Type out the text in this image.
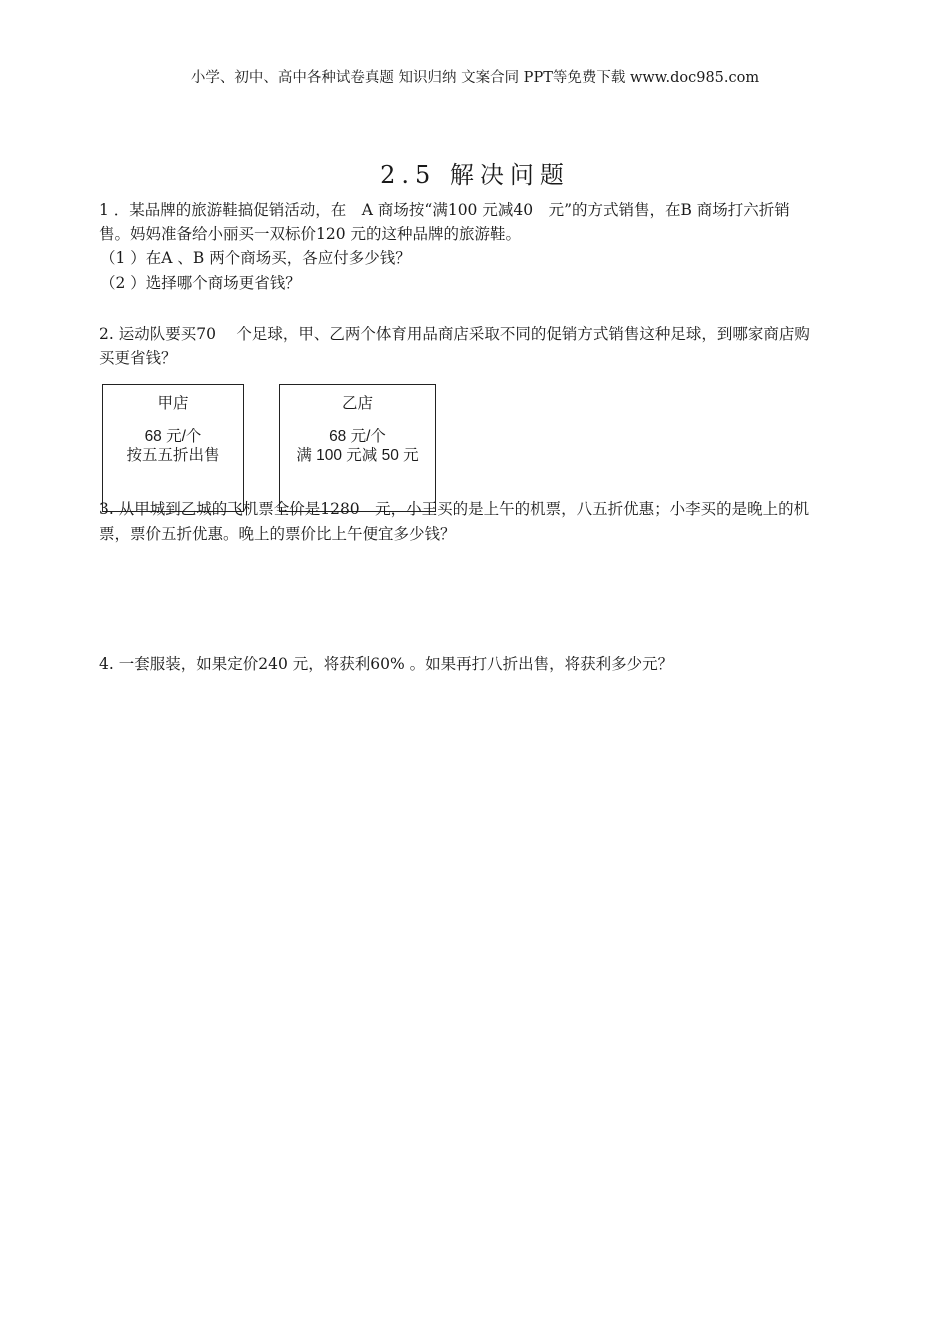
小学、初中、高中各种试卷真题 知识归纳 文案合同 PPT等免费下载 www.doc985.com
2.5 解决问题
1 ．某品牌的旅游鞋搞促销活动，在　A 商场按“满100 元减40　元”的方式销售，在B 商场打六折销
售。妈妈准备给小丽买一双标价120 元的这种品牌的旅游鞋。
（1 ）在A 、B 两个商场买，各应付多少钱？
（2 ）选择哪个商场更省钱？
2. 运动队要买70　 个足球，甲、乙两个体育用品商店采取不同的促销方式销售这种足球，到哪家商店购
买更省钱？
甲店
68 元/个
按五五折出售
乙店
68 元/个
满 100 元减 50 元
3. 从甲城到乙城的飞机票全价是1280　元，小王买的是上午的机票，八五折优惠；小李买的是晚上的机
票，票价五折优惠。晚上的票价比上午便宜多少钱？
4. 一套服装，如果定价240 元，将获利60% 。如果再打八折出售，将获利多少元？
